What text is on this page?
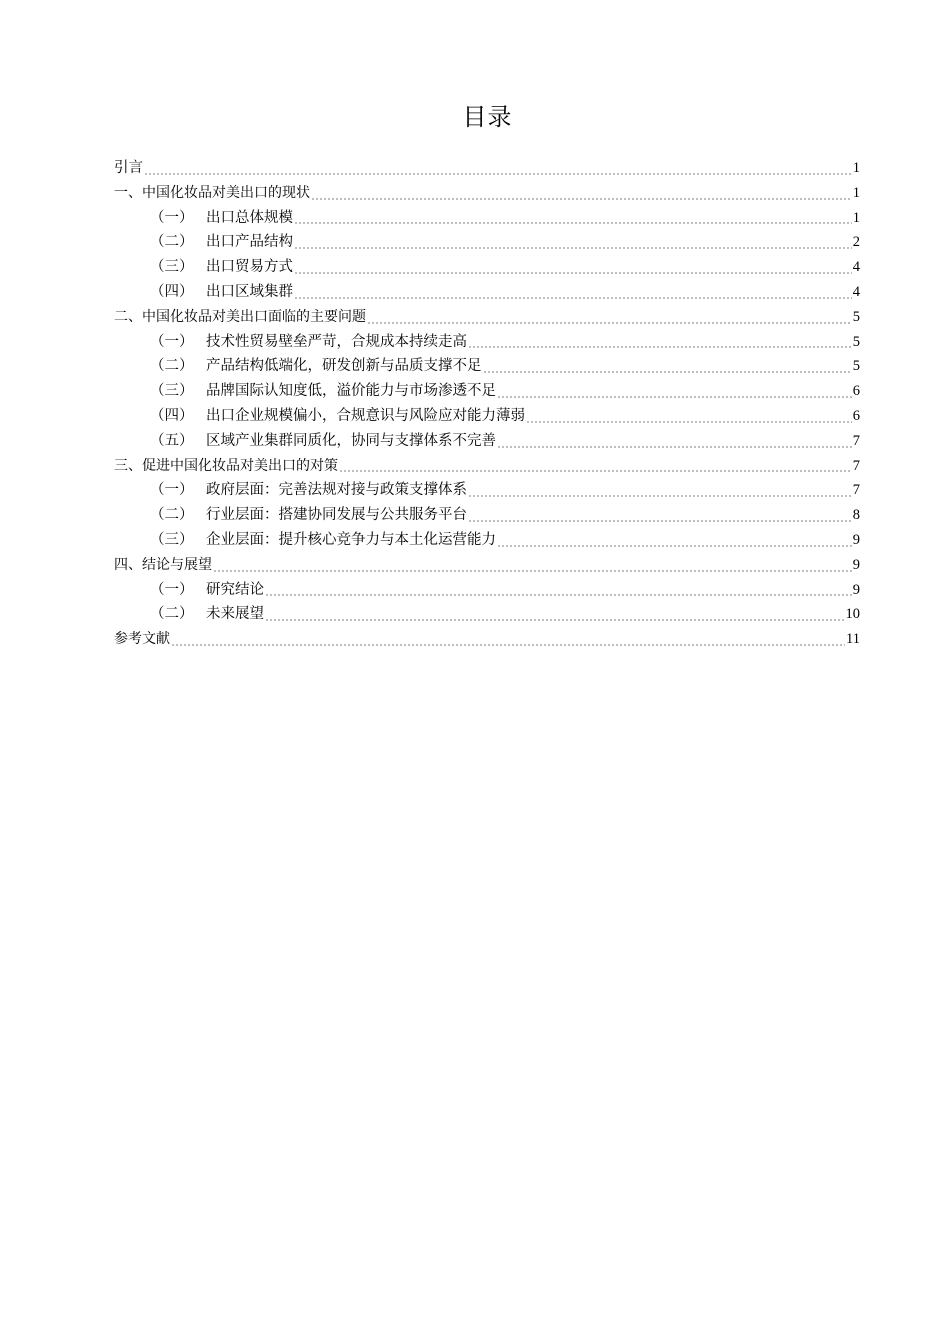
目录
引言	1
一、中国化妆品对美出口的现状	1
（一） 出口总体规模	1
（二） 出口产品结构	2
（三） 出口贸易方式	4
（四） 出口区域集群	4
二、中国化妆品对美出口面临的主要问题	5
（一） 技术性贸易壁垒严苛，合规成本持续走高	5
（二） 产品结构低端化，研发创新与品质支撑不足	5
（三） 品牌国际认知度低，溢价能力与市场渗透不足	6
（四） 出口企业规模偏小，合规意识与风险应对能力薄弱	6
（五） 区域产业集群同质化，协同与支撑体系不完善	7
三、促进中国化妆品对美出口的对策	7
（一） 政府层面：完善法规对接与政策支撑体系	7
（二） 行业层面：搭建协同发展与公共服务平台	8
（三） 企业层面：提升核心竞争力与本土化运营能力	9
四、结论与展望	9
（一） 研究结论	9
（二） 未来展望	10
参考文献	11
